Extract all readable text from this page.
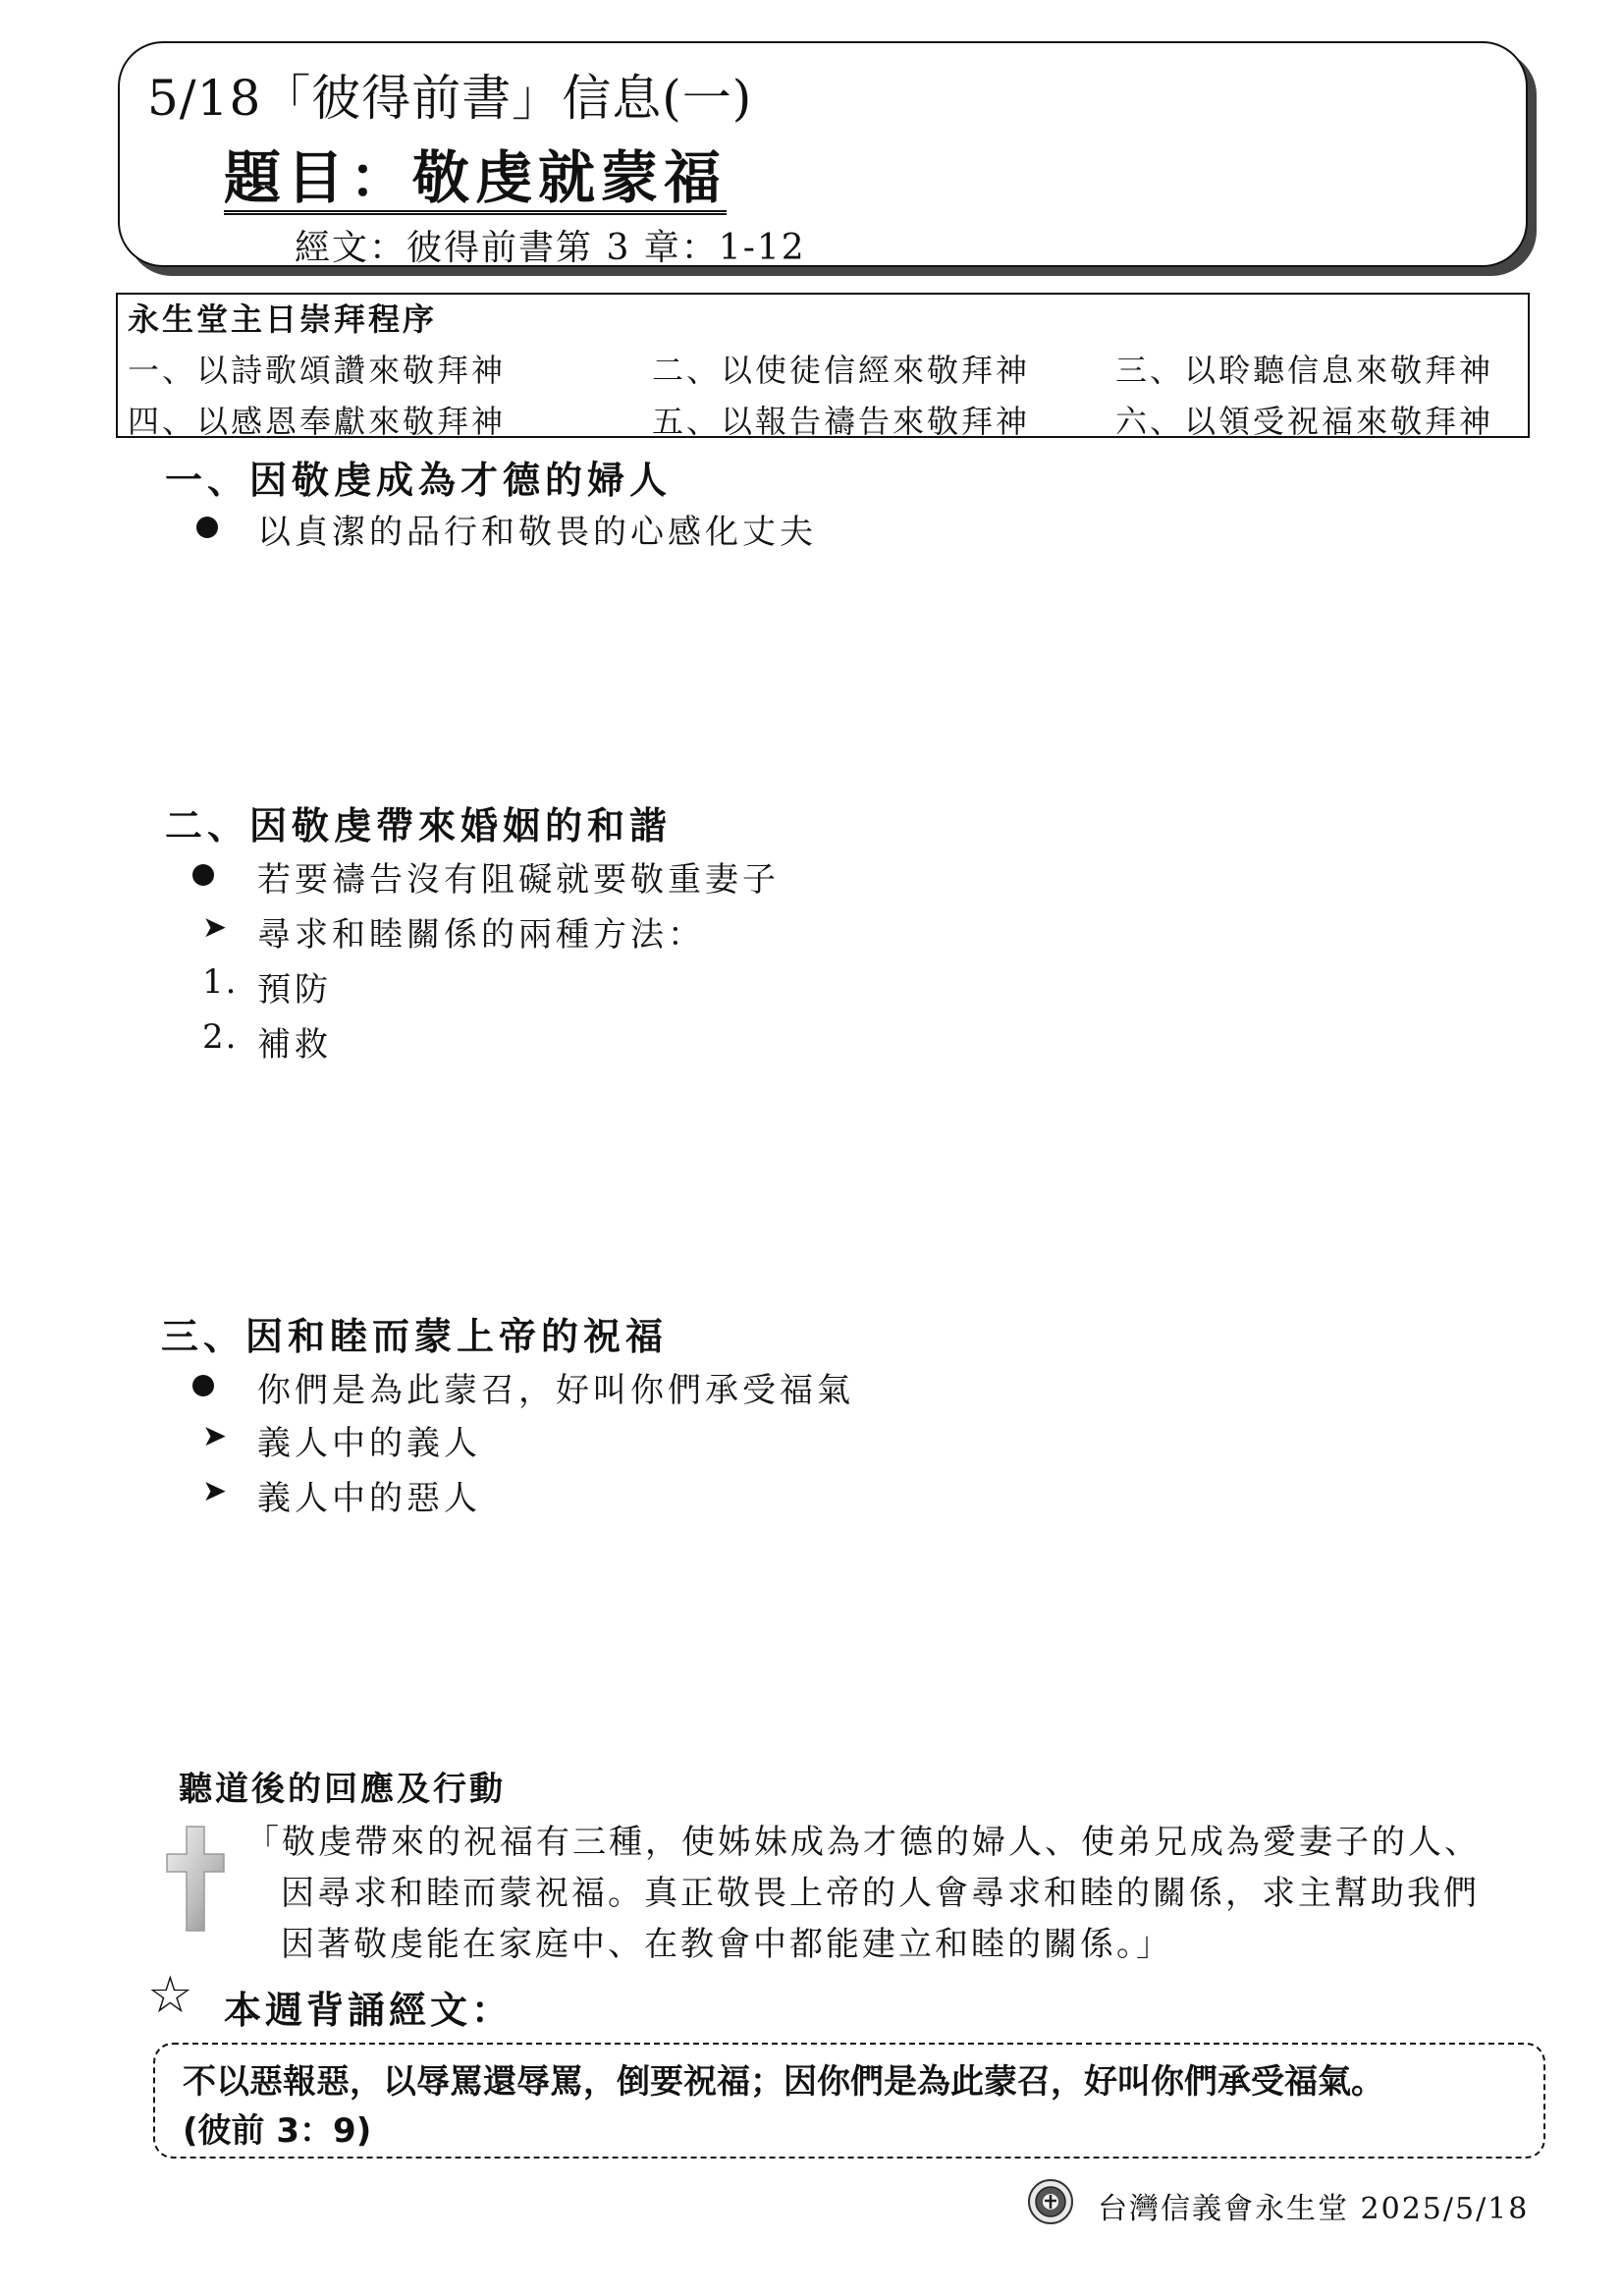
5/18「彼得前書」信息(一)
題目：敬虔就蒙福
經文：彼得前書第 3 章：1-12
永生堂主日崇拜程序
一、以詩歌頌讚來敬拜神	二、以使徒信經來敬拜神	三、以聆聽信息來敬拜神
四、以感恩奉獻來敬拜神	五、以報告禱告來敬拜神	六、以領受祝福來敬拜神
一、因敬虔成為才德的婦人
以貞潔的品行和敬畏的心感化丈夫
二、因敬虔帶來婚姻的和諧
若要禱告沒有阻礙就要敬重妻子
➤ 尋求和睦關係的兩種方法：
1. 預防
2. 補救
三、因和睦而蒙上帝的祝福
你們是為此蒙召，好叫你們承受福氣
➤ 義人中的義人
➤ 義人中的惡人
聽道後的回應及行動
「敬虔帶來的祝福有三種，使姊妹成為才德的婦人、使弟兄成為愛妻子的人、
因尋求和睦而蒙祝福。真正敬畏上帝的人會尋求和睦的關係，求主幫助我們
因著敬虔能在家庭中、在教會中都能建立和睦的關係。」
☆ 本週背誦經文：
不以惡報惡，以辱罵還辱罵，倒要祝福；因你們是為此蒙召，好叫你們承受福氣。
(彼前 3：9)
台灣信義會永生堂 2025/5/18
